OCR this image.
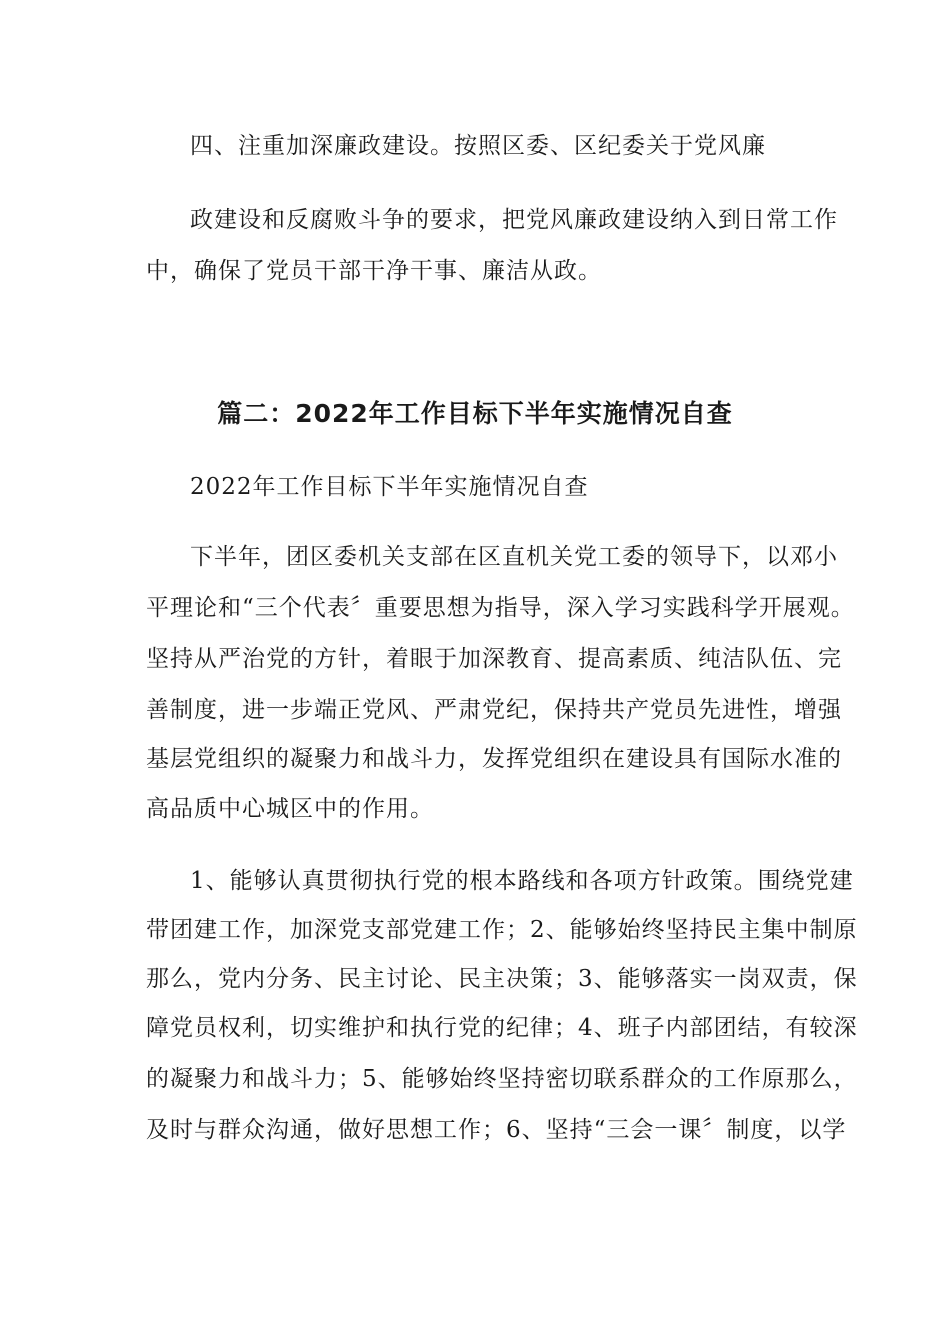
四、注重加深廉政建设。按照区委、区纪委关于党风廉
政建设和反腐败斗争的要求，把党风廉政建设纳入到日常工作
中，确保了党员干部干净干事、廉洁从政。
篇二：2022年工作目标下半年实施情况自查
2022年工作目标下半年实施情况自查
下半年，团区委机关支部在区直机关党工委的领导下，以邓小
平理论和“三个代表〞重要思想为指导，深入学习实践科学开展观。
坚持从严治党的方针，着眼于加深教育、提高素质、纯洁队伍、完
善制度，进一步端正党风、严肃党纪，保持共产党员先进性，增强
基层党组织的凝聚力和战斗力，发挥党组织在建设具有国际水准的
高品质中心城区中的作用。
1、能够认真贯彻执行党的根本路线和各项方针政策。围绕党建
带团建工作，加深党支部党建工作；2、能够始终坚持民主集中制原
那么，党内分务、民主讨论、民主决策；3、能够落实一岗双责，保
障党员权利，切实维护和执行党的纪律；4、班子内部团结，有较深
的凝聚力和战斗力；5、能够始终坚持密切联系群众的工作原那么，
及时与群众沟通，做好思想工作；6、坚持“三会一课〞制度，以学
